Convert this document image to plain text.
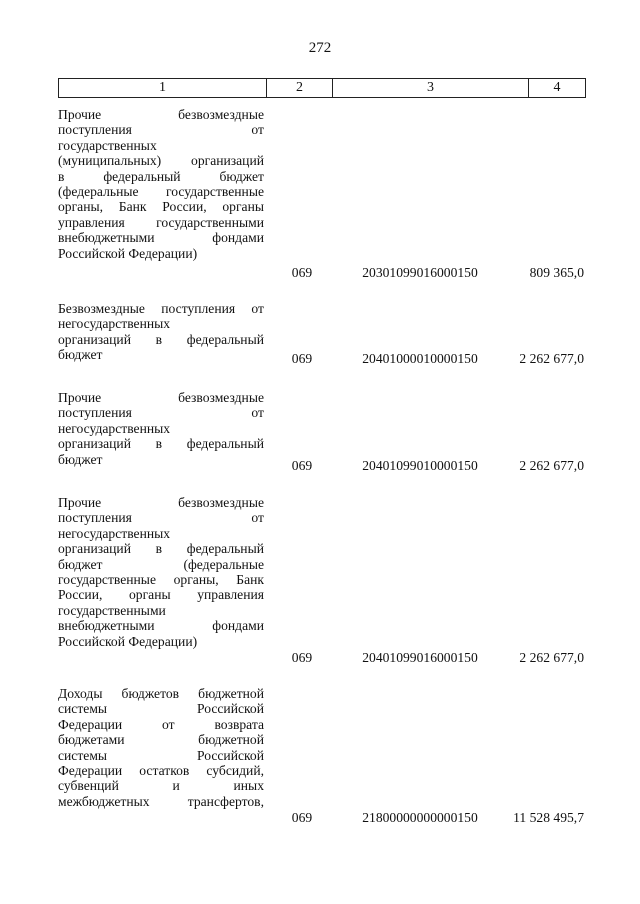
272
1	2	3	4
Прочие безвозмездные
поступления от
государственных
(муниципальных) организаций
в федеральный бюджет
(федеральные государственные
органы, Банк России, органы
управления государственными
внебюджетными фондами
Российской Федерации)
069	20301099016000150	809 365,0
Безвозмездные поступления от
негосударственных
организаций в федеральный
бюджет	069	20401000010000150	2 262 677,0
Прочие безвозмездные
поступления от
негосударственных
организаций в федеральный
бюджет	069	20401099010000150	2 262 677,0
Прочие безвозмездные
поступления от
негосударственных
организаций в федеральный
бюджет (федеральные
государственные органы, Банк
России, органы управления
государственными
внебюджетными фондами
Российской Федерации)
069	20401099016000150	2 262 677,0
Доходы бюджетов бюджетной
системы Российской
Федерации от возврата
бюджетами бюджетной
системы Российской
Федерации остатков субсидий,
субвенций и иных
межбюджетных трансфертов,
069	21800000000000150	11 528 495,7
